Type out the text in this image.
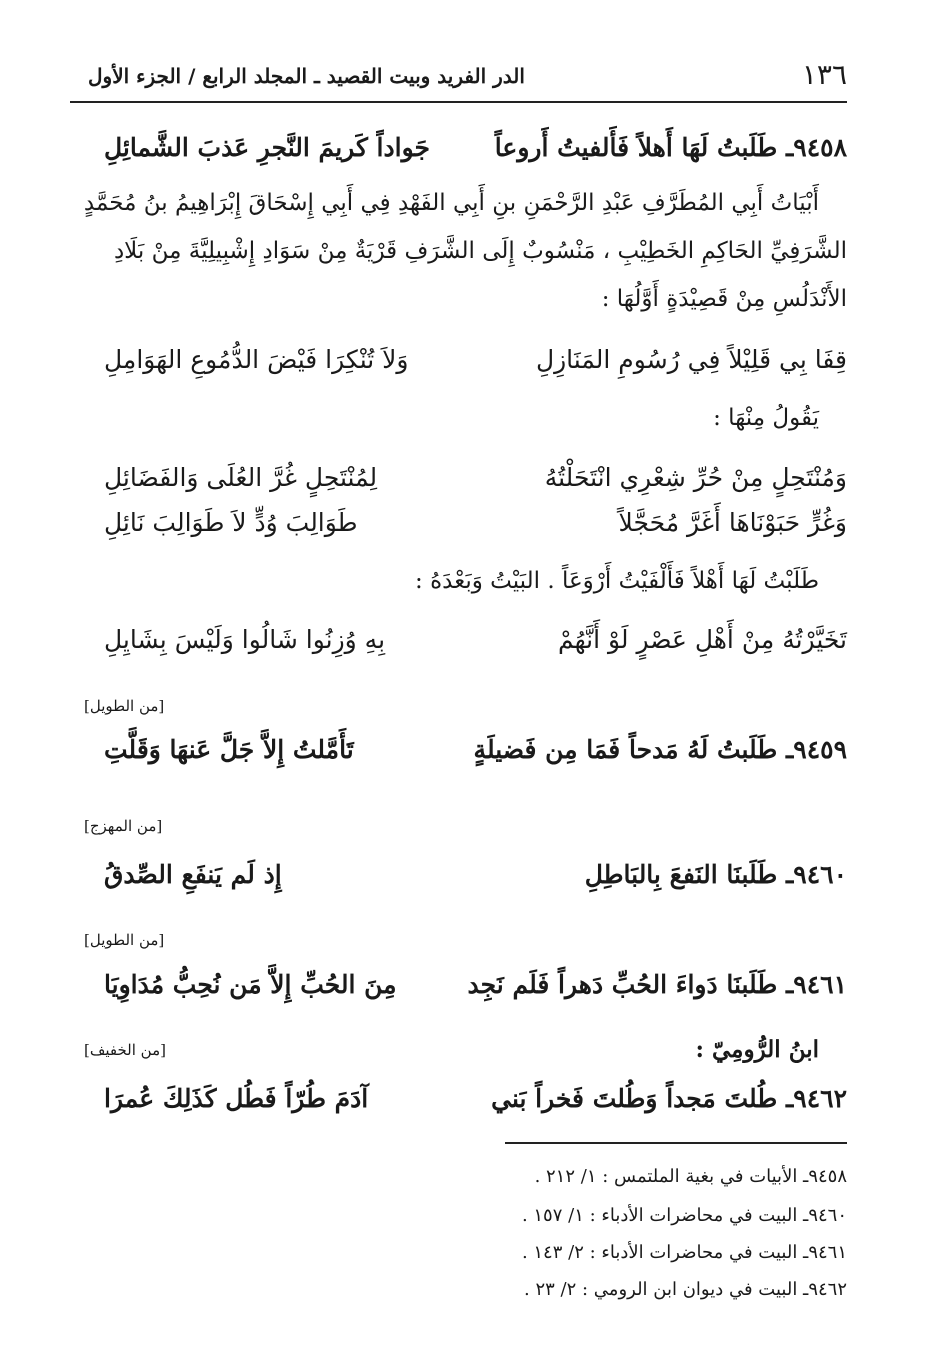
١٣٦
الدر الفريد وبيت القصيد ـ المجلد الرابع / الجزء الأول
٩٤٥٨ـ طَلَبتُ لَهَا أَهلاً فَأَلفيتُ أَروعاً
جَواداً كَريمَ النَّجرِ عَذبَ الشَّمائِلِ
أَبْيَاتُ أَبِي المُطَرَّفِ عَبْدِ الرَّحْمَنِ بنِ أَبِي الفَهْدِ فِي أَبِي إِسْحَاقَ إِبْرَاهِيمُ بنُ مُحَمَّدٍ
الشَّرَفِيِّ الحَاكِمِ الخَطِيْبِ ، مَنْسُوبٌ إِلَى الشَّرَفِ قَرْيَةٌ مِنْ سَوَادِ إِشْبِيلِيَّةَ مِنْ بَلَادِ
الأَنْدَلُسِ مِنْ قَصِيْدَةٍ أَوَّلُهَا :
قِفَا بِي قَلِيْلاً فِي رُسُومِ المَنَازِلِ
وَلاَ تُنْكِرَا فَيْضَ الدُّمُوعِ الهَوَامِلِ
يَقُولُ مِنْهَا :
وَمُنْتَحِلٍ مِنْ حُرِّ شِعْرِي انْتَحَلْتُهُ
لِمُنْتَحِلٍ غُرَّ العُلَى وَالفَضَائِلِ
وَغُرٍّ حَبَوْنَاهَا أَغَرَّ مُحَجَّلاً
طَوَالِبَ وُدٍّ لاَ طَوَالِبَ نَائِلِ
طَلَبْتُ لَهَا أَهْلاً فَأَلْفَيْتُ أَرْوَعَاً . البَيْتُ وَبَعْدَهُ :
تَخَيَّرْتُهُ مِنْ أَهْلِ عَصْرٍ لَوْ أَنَّهُمْ
بِهِ وُزِنُوا شَالُوا وَلَيْسَ بِشَايِلِ
[من الطويل]
٩٤٥٩ـ طَلَبتُ لَهُ مَدحاً فَمَا مِن فَضيلَةٍ
تَأَمَّلتُ إِلاَّ جَلَّ عَنهَا وَقَلَّتِ
[من المهزج]
٩٤٦٠ـ طَلَبنَا النَفعَ بِالبَاطِلِ
إِذ لَم يَنفَعِ الصِّدقُ
[من الطويل]
٩٤٦١ـ طَلَبنَا دَواءَ الحُبِّ دَهراً فَلَم نَجِد
مِنَ الحُبِّ إِلاَّ مَن نُحِبُّ مُدَاوِيَا
ابنُ الرُّومِيّ :
[من الخفيف]
٩٤٦٢ـ طُلتَ مَجداً وَطُلتَ فَخراً بَني
آدَمَ طُرّاً فَطُل كَذَلِكَ عُمرَا
٩٤٥٨ـ الأبيات في بغية الملتمس : ١/ ٢١٢ .
٩٤٦٠ـ البيت في محاضرات الأدباء : ١/ ١٥٧ .
٩٤٦١ـ البيت في محاضرات الأدباء : ٢/ ١٤٣ .
٩٤٦٢ـ البيت في ديوان ابن الرومي : ٢/ ٢٣ .
